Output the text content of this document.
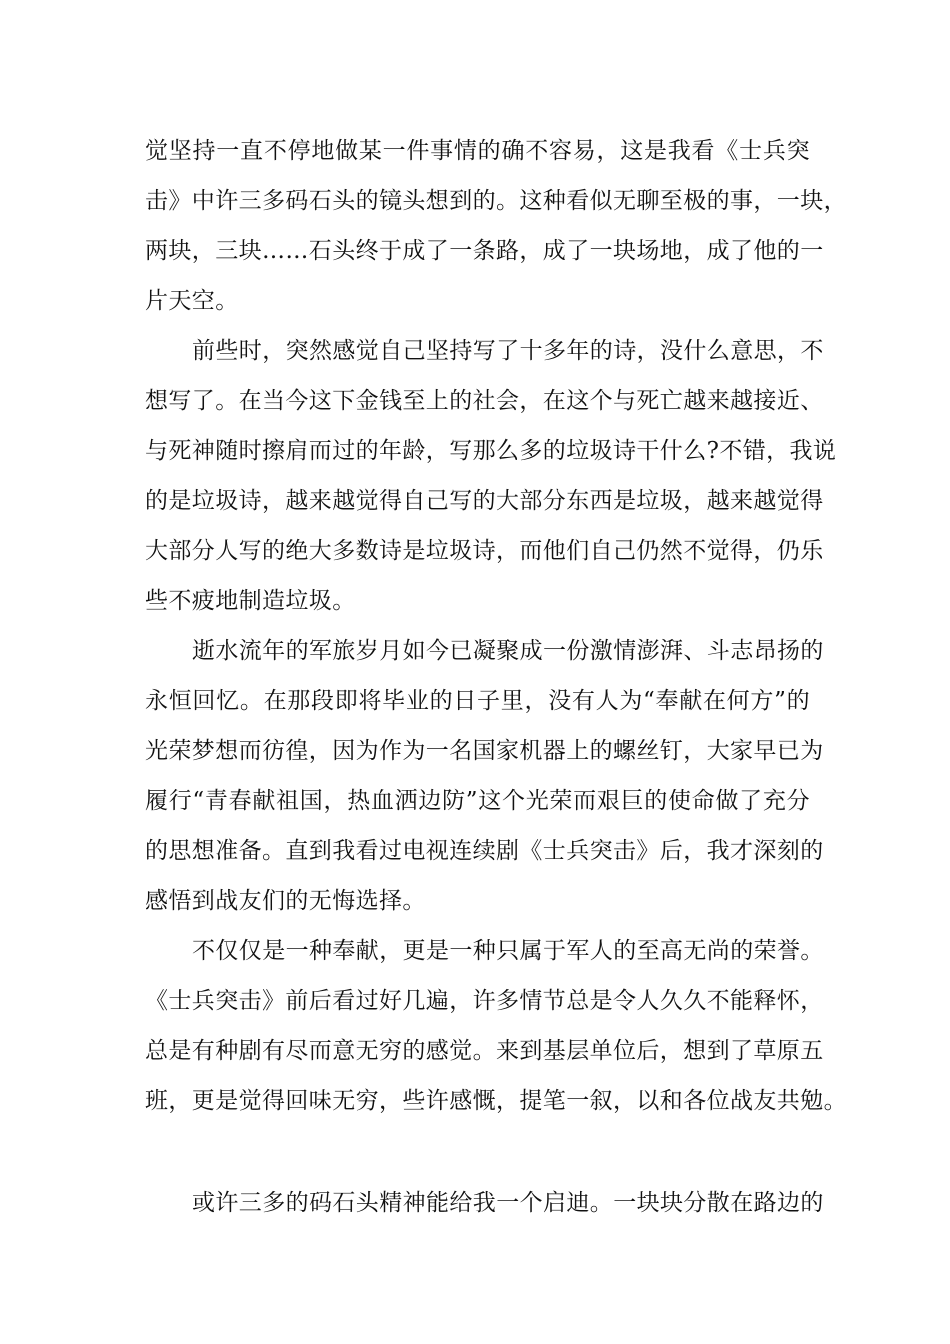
觉坚持一直不停地做某一件事情的确不容易，这是我看《士兵突
击》中许三多码石头的镜头想到的。这种看似无聊至极的事，一块，
两块，三块……石头终于成了一条路，成了一块场地，成了他的一
片天空。
前些时，突然感觉自己坚持写了十多年的诗，没什么意思，不
想写了。在当今这下金钱至上的社会，在这个与死亡越来越接近、
与死神随时擦肩而过的年龄，写那么多的垃圾诗干什么?不错，我说
的是垃圾诗，越来越觉得自己写的大部分东西是垃圾，越来越觉得
大部分人写的绝大多数诗是垃圾诗，而他们自己仍然不觉得，仍乐
些不疲地制造垃圾。
逝水流年的军旅岁月如今已凝聚成一份激情澎湃、斗志昂扬的
永恒回忆。在那段即将毕业的日子里，没有人为“奉献在何方”的
光荣梦想而彷徨，因为作为一名国家机器上的螺丝钉，大家早已为
履行“青春献祖国，热血洒边防”这个光荣而艰巨的使命做了充分
的思想准备。直到我看过电视连续剧《士兵突击》后，我才深刻的
感悟到战友们的无悔选择。
不仅仅是一种奉献，更是一种只属于军人的至高无尚的荣誉。
《士兵突击》前后看过好几遍，许多情节总是令人久久不能释怀，
总是有种剧有尽而意无穷的感觉。来到基层单位后，想到了草原五
班，更是觉得回味无穷，些许感慨，提笔一叙，以和各位战友共勉。
或许三多的码石头精神能给我一个启迪。一块块分散在路边的
